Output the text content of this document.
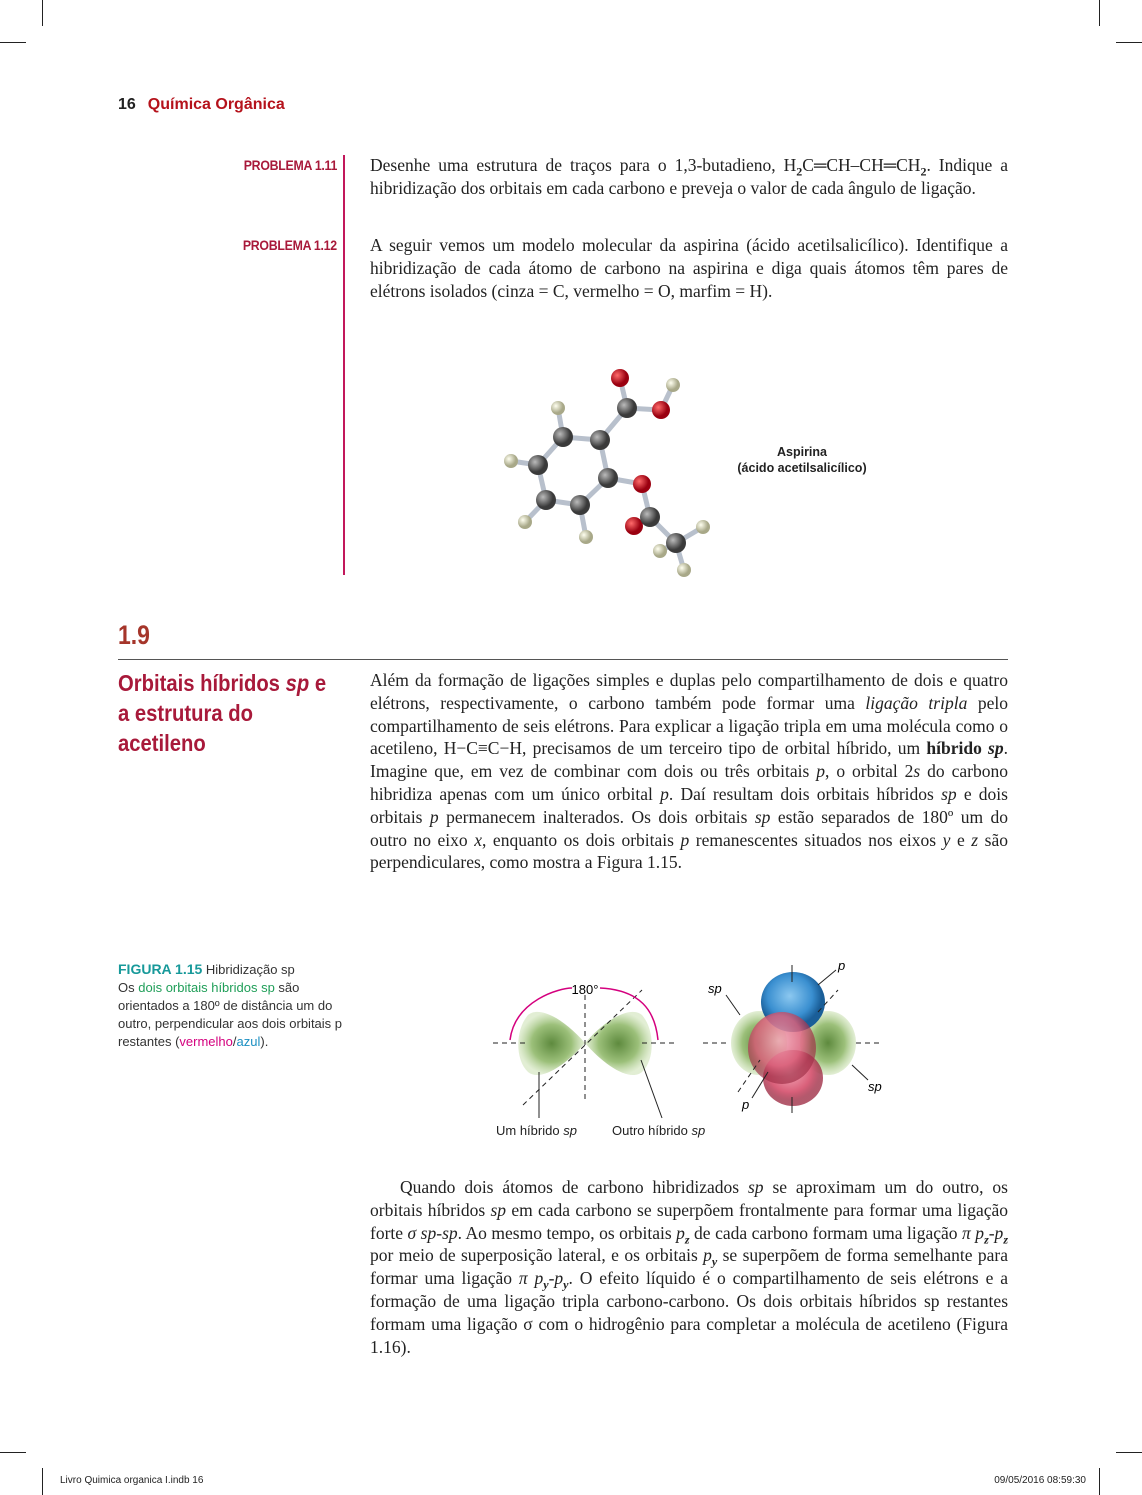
16 Química Orgânica
PROBLEMA 1.11 Desenhe uma estrutura de traços para o 1,3-butadieno, $H_2C═CH-CH═CH_2$. Indique a hibridização dos orbitais em cada carbono e preveja o valor de cada ângulo de ligação.
PROBLEMA 1.12 A seguir vemos um modelo molecular da aspirina (ácido acetilsalicílico). Identifique a hibridização de cada átomo de carbono na aspirina e diga quais átomos têm pares de elétrons isolados (cinza = C, vermelho = O, marfim = H).
Aspirina
(ácido acetilsalicílico)
1.9
Orbitais híbridos sp e a estrutura do acetileno
Além da formação de ligações simples e duplas pelo compartilhamento de dois e quatro elétrons, respectivamente, o carbono também pode formar uma ligação tripla pelo compartilhamento de seis elétrons. Para explicar a ligação tripla em uma molécula como o acetileno, H−C≡C−H, precisamos de um terceiro tipo de orbital híbrido, um híbrido sp. Imagine que, em vez de combinar com dois ou três orbitais p, o orbital 2s do carbono hibridiza apenas com um único orbital p. Daí resultam dois orbitais híbridos sp e dois orbitais p permanecem inalterados. Os dois orbitais sp estão separados de 180º um do outro no eixo x, enquanto os dois orbitais p remanescentes situados nos eixos y e z são perpendiculares, como mostra a Figura 1.15.
FIGURA 1.15 Hibridização sp
Os dois orbitais híbridos sp são orientados a 180º de distância um do outro, perpendicular aos dois orbitais p restantes (vermelho/azul).
180°	sp
p
sp
p
Um híbrido sp	Outro híbrido sp
Quando dois átomos de carbono hibridizados sp se aproximam um do outro, os orbitais híbridos sp em cada carbono se superpõem frontalmente para formar uma ligação forte σ sp-sp. Ao mesmo tempo, os orbitais $p_z$ de cada carbono formam uma ligação π $p_z-p_z$ por meio de superposição lateral, e os orbitais $p_y$ se superpõem de forma semelhante para formar uma ligação π $p_y-p_y$. O efeito líquido é o compartilhamento de seis elétrons e a formação de uma ligação tripla carbono-carbono. Os dois orbitais híbridos sp restantes formam uma ligação σ com o hidrogênio para completar a molécula de acetileno (Figura 1.16).
Livro Quimica organica I.indb 16	09/05/2016 08:59:30
